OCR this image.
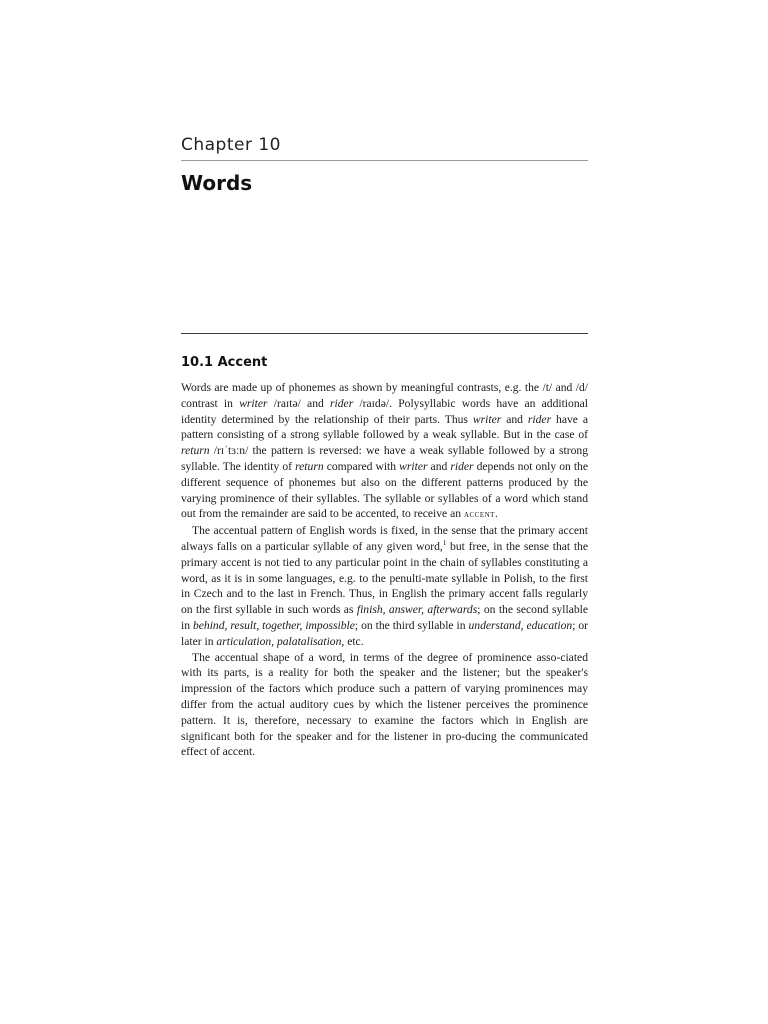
Chapter 10
Words
10.1 Accent

Words are made up of phonemes as shown by meaningful contrasts, e.g. the /t/ and /d/ contrast in writer /raɪtə/ and rider /raɪdə/. Polysyllabic words have an additional identity determined by the relationship of their parts. Thus writer and rider have a pattern consisting of a strong syllable followed by a weak syllable. But in the case of return /rɪˈtɜːn/ the pattern is reversed: we have a weak syllable followed by a strong syllable. The identity of return compared with writer and rider depends not only on the different sequence of phonemes but also on the different patterns produced by the varying prominence of their syllables. The syllable or syllables of a word which stand out from the remainder are said to be accented, to receive an accent.

The accentual pattern of English words is fixed, in the sense that the primary accent always falls on a particular syllable of any given word,$^1$ but free, in the sense that the primary accent is not tied to any particular point in the chain of syllables constituting a word, as it is in some languages, e.g. to the penulti-mate syllable in Polish, to the first in Czech and to the last in French. Thus, in English the primary accent falls regularly on the first syllable in such words as finish, answer, afterwards; on the second syllable in behind, result, together, impossible; on the third syllable in understand, education; or later in articulation, palatalisation, etc.

The accentual shape of a word, in terms of the degree of prominence asso-ciated with its parts, is a reality for both the speaker and the listener; but the speaker's impression of the factors which produce such a pattern of varying prominences may differ from the actual auditory cues by which the listener perceives the prominence pattern. It is, therefore, necessary to examine the factors which in English are significant both for the speaker and for the listener in pro-ducing the communicated effect of accent.
